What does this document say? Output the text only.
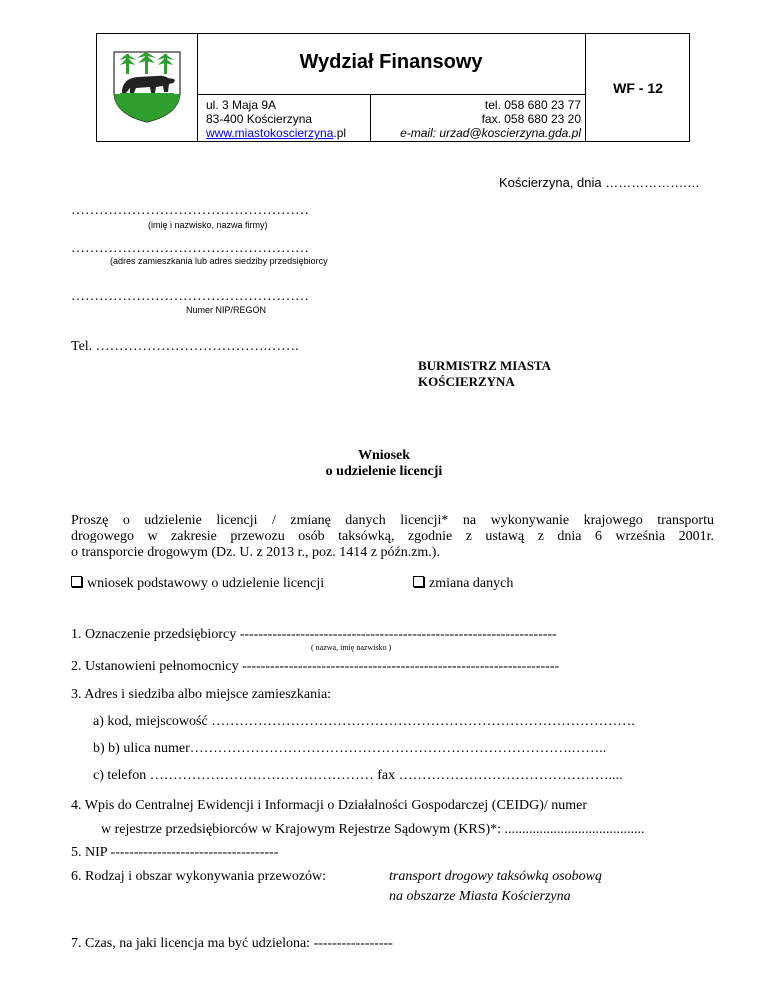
Wydział Finansowy
ul. 3 Maja 9A
83-400 Kościerzyna
www.miastokoscierzyna.pl
tel. 058 680 23 77
fax. 058 680 23 20
e-mail: urzad@koscierzyna.gda.pl
WF - 12
Kościerzyna, dnia ……………….…
……………………………………………
(imię i nazwisko, nazwa firmy)
……………………………………………
(adres zamieszkania lub adres siedziby przedsiębiorcy
……………………………………………
Numer NIP/REGON
Tel. ……………………………….…….
BURMISTRZ MIASTA
KOŚCIERZYNA
Wniosek
o udzielenie licencji
Proszę o udzielenie licencji / zmianę danych licencji* na wykonywanie krajowego transportu
drogowego w zakresie przewozu osób taksówką, zgodnie z ustawą z dnia 6 września 2001r.
o transporcie drogowym (Dz. U. z 2013 r., poz. 1414 z późn.zm.).
wniosek podstawowy o udzielenie licencji	zmiana danych
1. Oznaczenie przedsiębiorcy --------------------------------------------------------------------
( nazwa, imię nazwisko )
2. Ustanowieni pełnomocnicy --------------------------------------------------------------------
3. Adres i siedziba albo miejsce zamieszkania:
a) kod, miejscowość ……………………………………………………………………………….
b) b) ulica numer……………………………………………………………………….……..
c) telefon ………………………………………… fax ………………………………………....
4. Wpis do Centralnej Ewidencji i Informacji o Działalności Gospodarczej (CEIDG)/ numer
w rejestrze przedsiębiorców w Krajowym Rejestrze Sądowym (KRS)*: ........................................
5. NIP ------------------------------------
6. Rodzaj i obszar wykonywania przewozów:	transport drogowy taksówką osobową
na obszarze Miasta Kościerzyna
7. Czas, na jaki licencja ma być udzielona: -----------------
